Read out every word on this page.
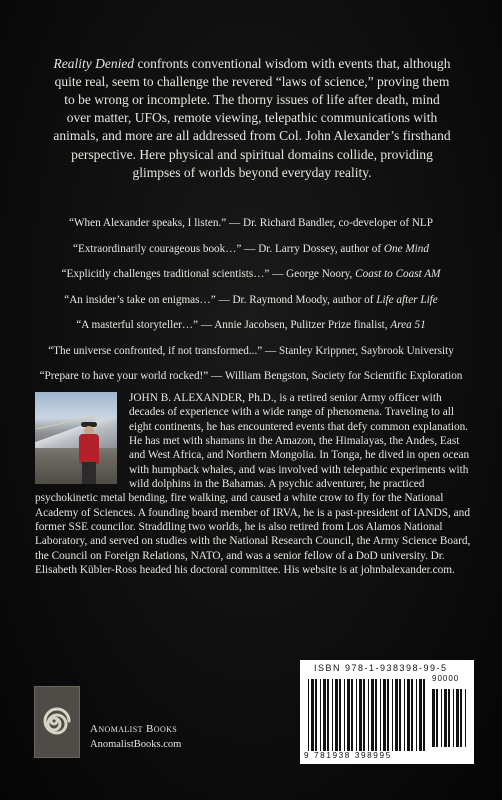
Reality Denied confronts conventional wisdom with events that, although quite real, seem to challenge the revered “laws of science,” proving them to be wrong or incomplete. The thorny issues of life after death, mind over matter, UFOs, remote viewing, telepathic communications with animals, and more are all addressed from Col. John Alexander’s firsthand perspective. Here physical and spiritual domains collide, providing glimpses of worlds beyond everyday reality.

“When Alexander speaks, I listen.” — Dr. Richard Bandler, co-developer of NLP
“Extraordinarily courageous book…” — Dr. Larry Dossey, author of One Mind
“Explicitly challenges traditional scientists…” — George Noory, Coast to Coast AM
“An insider’s take on enigmas…” — Dr. Raymond Moody, author of Life after Life
“A masterful storyteller…” — Annie Jacobsen, Pulitzer Prize finalist, Area 51
“The universe confronted, if not transformed...” — Stanley Krippner, Saybrook University
“Prepare to have your world rocked!” — William Bengston, Society for Scientific Exploration
JOHN B. ALEXANDER, Ph.D., is a retired senior Army officer with decades of experience with a wide range of phenomena. Traveling to all eight continents, he has encountered events that defy common explanation. He has met with shamans in the Amazon, the Himalayas, the Andes, East and West Africa, and Northern Mongolia. In Tonga, he dived in open ocean with humpback whales, and was involved with telepathic experiments with wild dolphins in the Bahamas. A psychic adventurer, he practiced psychokinetic metal bending, fire walking, and caused a white crow to fly for the National Academy of Sciences. A founding board member of IRVA, he is a past-president of IANDS, and former SSE councilor. Straddling two worlds, he is also retired from Los Alamos National Laboratory, and served on studies with the National Research Council, the Army Science Board, the Council on Foreign Relations, NATO, and was a senior fellow of a DoD university. Dr. Elisabeth Kübler-Ross headed his doctoral committee. His website is at johnbalexander.com.
Anomalist Books
AnomalistBooks.com
ISBN 978-1-938398-99-5
90000
9 781938 398995
